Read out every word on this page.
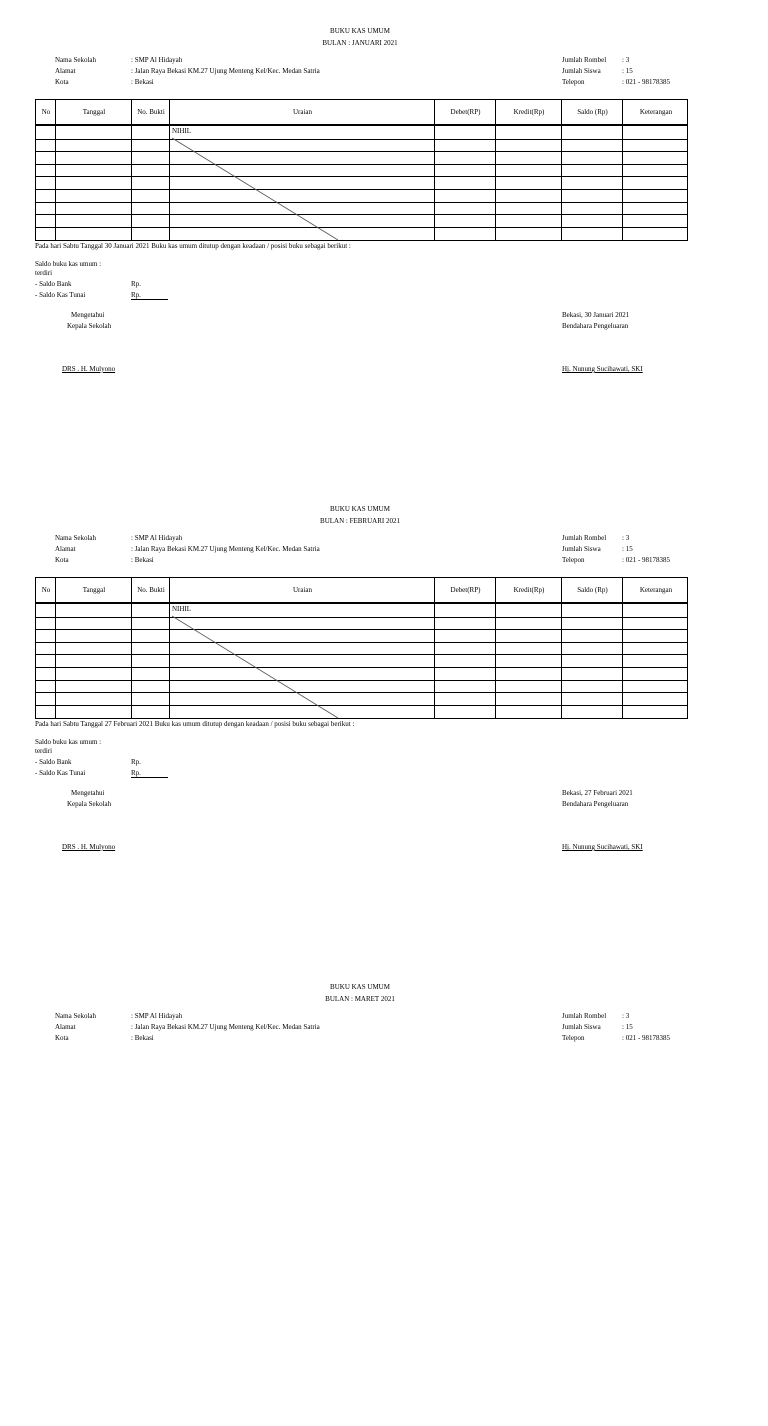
BUKU KAS UMUM
BULAN : JANUARI 2021
Nama Sekolah	: SMP Al Hidayah
Alamat	: Jalan Raya Bekasi KM.27 Ujung Menteng Kel/Kec. Medan Satria
Kota	: Bekasi
Jumlah Rombel : 3
Jumlah Siswa	: 15
Telepon	: 021 - 98178385
No	Tanggal	No. Bukti	Uraian	Debet(RP)	Kredit(Rp)	Saldo (Rp)	Keterangan
NIHIL
Pada hari Sabtu Tanggal 30 Januari 2021 Buku kas umum ditutup dengan keadaan / posisi buku sebagai berikut :
Saldo buku kas umum :
terdiri
- Saldo Bank	Rp.
- Saldo Kas Tunai	Rp.
Mengetahui
Kepala Sekolah
Bekasi, 30 Januari 2021
Bendahara Pengeluaran
DRS . H. Mulyono	Hj. Nunung Sucihawati, SKI
BUKU KAS UMUM
BULAN : FEBRUARI 2021
Nama Sekolah	: SMP Al Hidayah
Alamat	: Jalan Raya Bekasi KM.27 Ujung Menteng Kel/Kec. Medan Satria
Kota	: Bekasi
Jumlah Rombel : 3
Jumlah Siswa	: 15
Telepon	: 021 - 98178385
No	Tanggal	No. Bukti	Uraian	Debet(RP)	Kredit(Rp)	Saldo (Rp)	Keterangan
NIHIL
Pada hari Sabtu Tanggal 27 Februari 2021 Buku kas umum ditutup dengan keadaan / posisi buku sebagai berikut :
Saldo buku kas umum :
terdiri
- Saldo Bank	Rp.
- Saldo Kas Tunai	Rp.
Mengetahui
Kepala Sekolah
Bekasi, 27 Februari 2021
Bendahara Pengeluaran
DRS . H. Mulyono	Hj. Nunung Sucihawati, SKI
BUKU KAS UMUM
BULAN : MARET 2021
Nama Sekolah	: SMP Al Hidayah
Alamat	: Jalan Raya Bekasi KM.27 Ujung Menteng Kel/Kec. Medan Satria
Kota	: Bekasi
Jumlah Rombel : 3
Jumlah Siswa	: 15
Telepon	: 021 - 98178385
